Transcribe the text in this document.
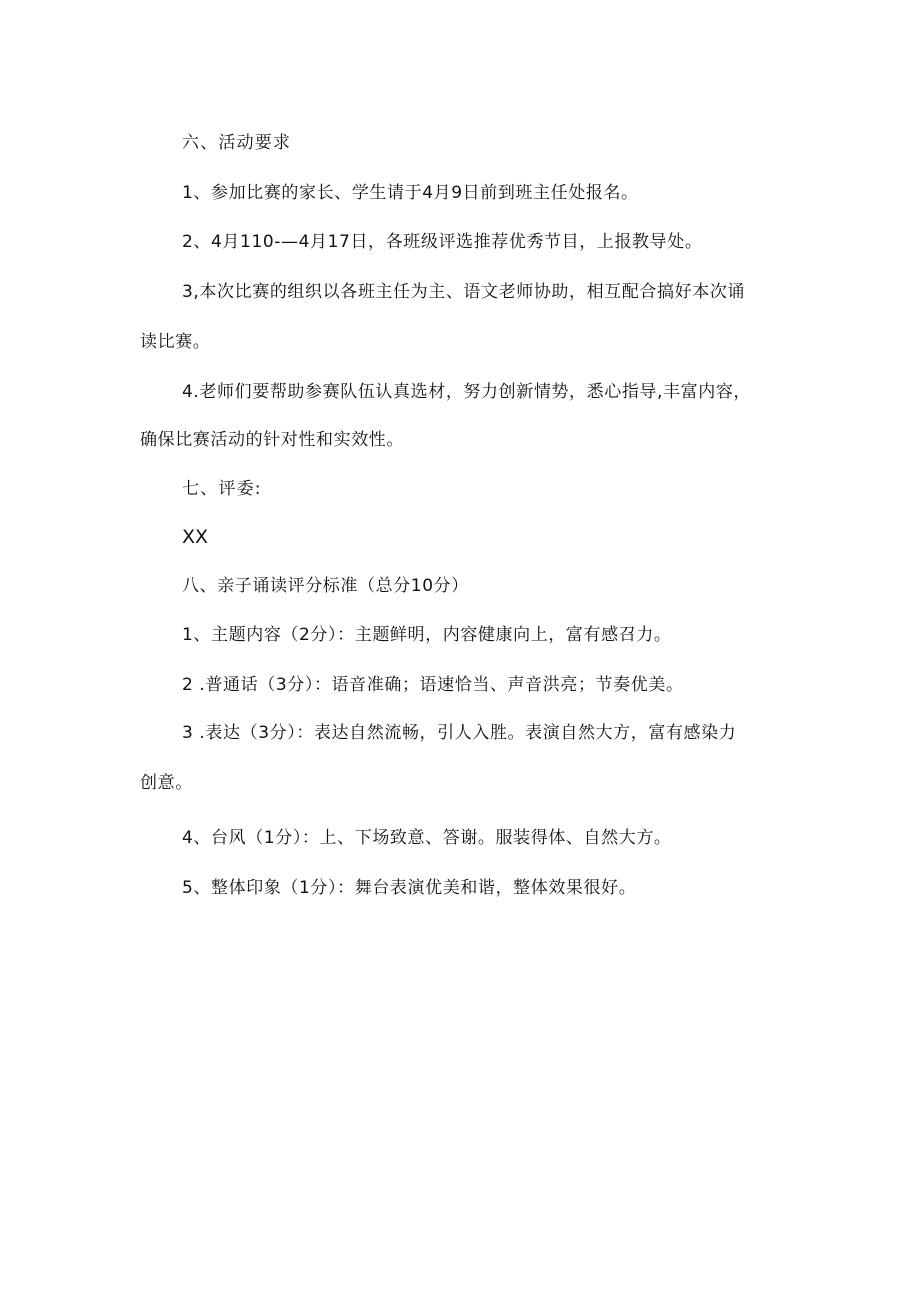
六、活动要求
1、参加比赛的家长、学生请于4月9日前到班主任处报名。
2、4月110-—4月17日，各班级评选推荐优秀节目，上报教导处。
3,本次比赛的组织以各班主任为主、语文老师协助，相互配合搞好本次诵
读比赛。
4.老师们要帮助参赛队伍认真选材，努力创新情势，悉心指导,丰富内容，
确保比赛活动的针对性和实效性。
七、评委:
XX
八、亲子诵读评分标准（总分10分）
1、主题内容（2分）：主题鲜明，内容健康向上，富有感召力。
2 .普通话（3分）：语音准确；语速恰当、声音洪亮；节奏优美。
3 .表达（3分）：表达自然流畅，引人入胜。表演自然大方，富有感染力
创意。
4、台风（1分）：上、下场致意、答谢。服装得体、自然大方。
5、整体印象（1分）：舞台表演优美和谐，整体效果很好。
